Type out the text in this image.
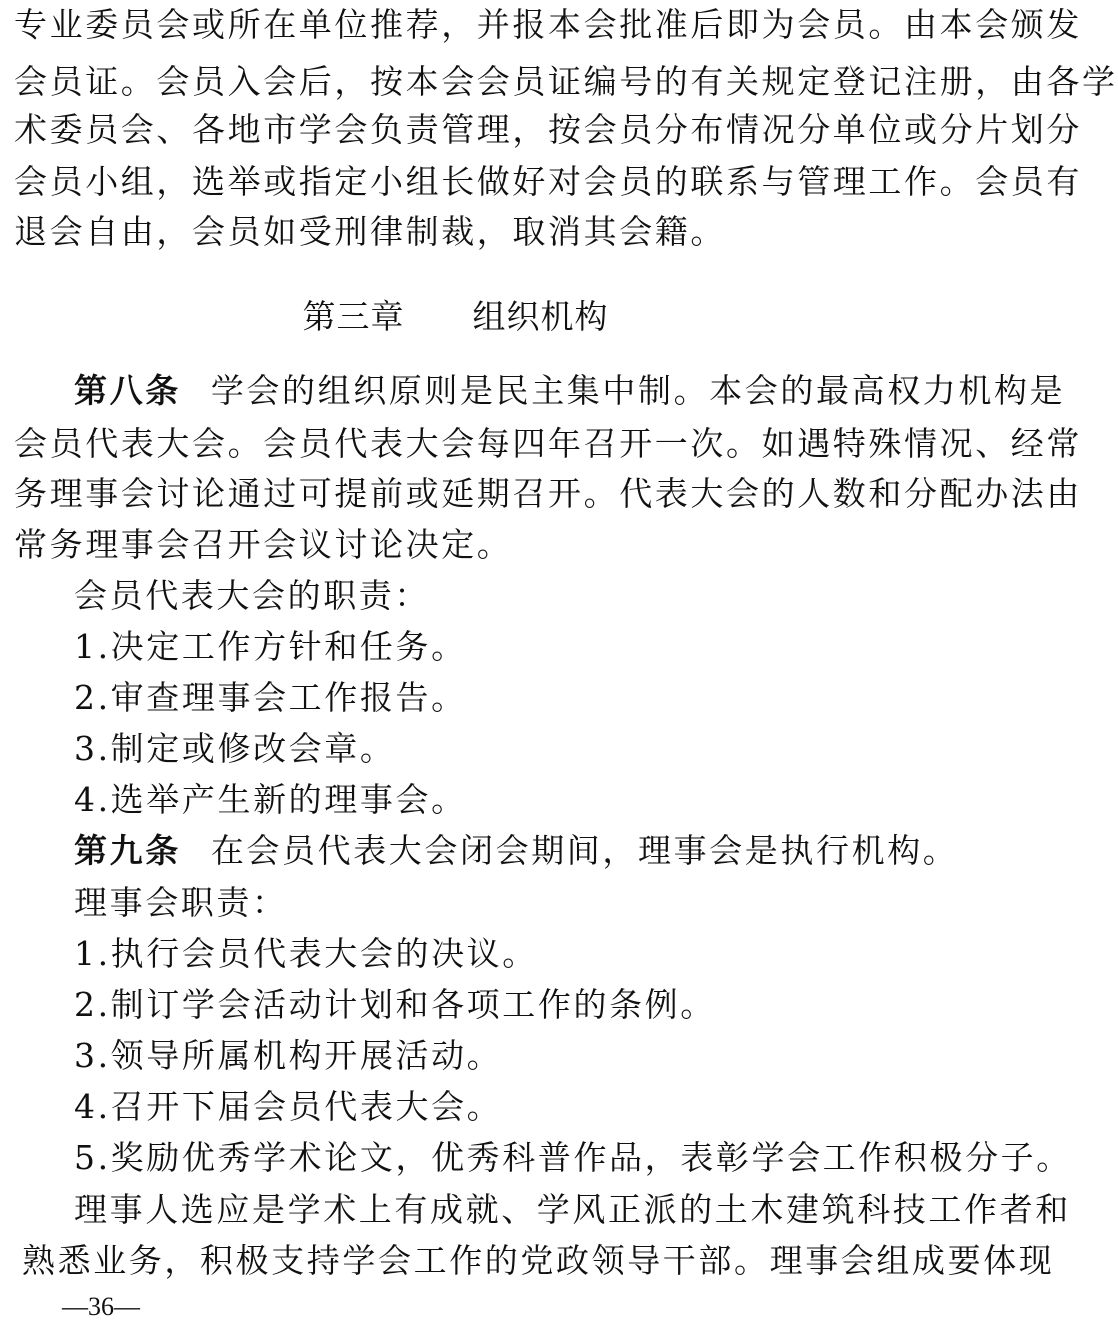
专业委员会或所在单位推荐，并报本会批准后即为会员。由本会颁发
会员证。会员入会后，按本会会员证编号的有关规定登记注册，由各学
术委员会、各地市学会负责管理，按会员分布情况分单位或分片划分
会员小组，选举或指定小组长做好对会员的联系与管理工作。会员有
退会自由，会员如受刑律制裁，取消其会籍。
第三章　　组织机构
第八条 学会的组织原则是民主集中制。本会的最高权力机构是
会员代表大会。会员代表大会每四年召开一次。如遇特殊情况、经常
务理事会讨论通过可提前或延期召开。代表大会的人数和分配办法由
常务理事会召开会议讨论决定。
会员代表大会的职责：
1.决定工作方针和任务。
2.审查理事会工作报告。
3.制定或修改会章。
4.选举产生新的理事会。
第九条 在会员代表大会闭会期间，理事会是执行机构。
理事会职责：
1.执行会员代表大会的决议。
2.制订学会活动计划和各项工作的条例。
3.领导所属机构开展活动。
4.召开下届会员代表大会。
5.奖励优秀学术论文，优秀科普作品，表彰学会工作积极分子。
理事人选应是学术上有成就、学风正派的土木建筑科技工作者和
熟悉业务，积极支持学会工作的党政领导干部。理事会组成要体现
—36—
